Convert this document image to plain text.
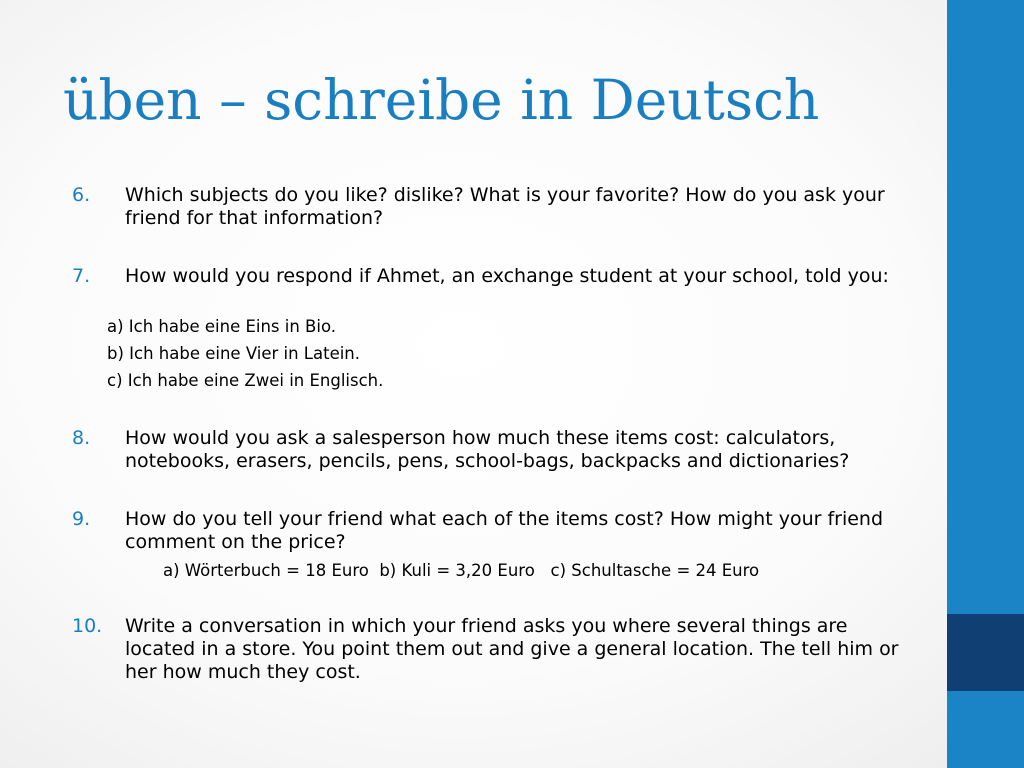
üben – schreibe in Deutsch
6. Which subjects do you like? dislike? What is your favorite? How do you ask your friend for that information?
7. How would you respond if Ahmet, an exchange student at your school, told you:
a) Ich habe eine Eins in Bio.
b) Ich habe eine Vier in Latein.
c) Ich habe eine Zwei in Englisch.
8. How would you ask a salesperson how much these items cost: calculators, notebooks, erasers, pencils, pens, school-bags, backpacks and dictionaries?
9. How do you tell your friend what each of the items cost? How might your friend comment on the price?
a) Wörterbuch = 18 Euro  b) Kuli = 3,20 Euro   c) Schultasche = 24 Euro
10. Write a conversation in which your friend asks you where several things are located in a store. You point them out and give a general location. The tell him or her how much they cost.
